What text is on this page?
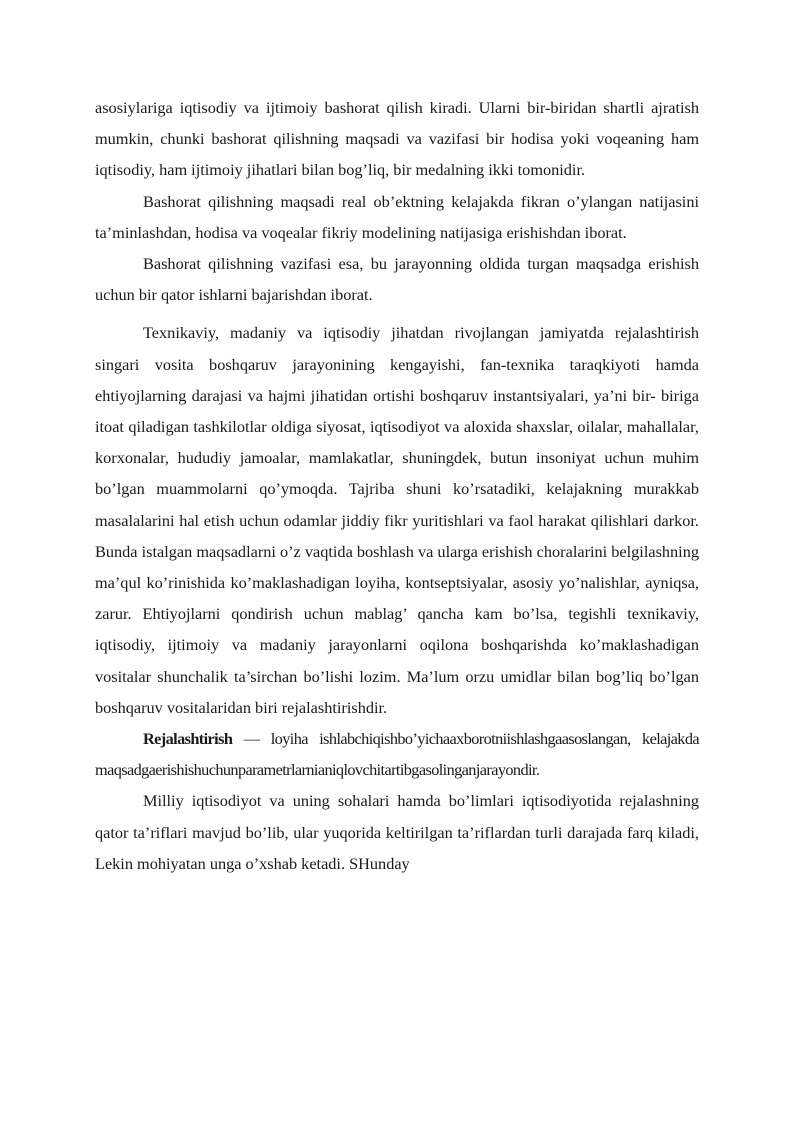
asosiylariga iqtisodiy va ijtimoiy bashorat qilish kiradi. Ularni bir-biridan shartli ajratish mumkin, chunki bashorat qilishning maqsadi va vazifasi bir hodisa yoki voqeaning ham iqtisodiy, ham ijtimoiy jihatlari bilan bog’liq, bir medalning ikki tomonidir.

Bashorat qilishning maqsadi real ob’ektning kelajakda fikran o’ylangan natijasini ta’minlashdan, hodisa va voqealar fikriy modelining natijasiga erishishdan iborat.

Bashorat qilishning vazifasi esa, bu jarayonning oldida turgan maqsadga erishish uchun bir qator ishlarni bajarishdan iborat.

Texnikaviy, madaniy va iqtisodiy jihatdan rivojlangan jamiyatda rejalashtirish singari vosita boshqaruv jarayonining kengayishi, fan-texnika taraqkiyoti hamda ehtiyojlarning darajasi va hajmi jihatidan ortishi boshqaruv instantsiyalari, ya’ni bir- biriga itoat qiladigan tashkilotlar oldiga siyosat, iqtisodiyot va aloxida shaxslar, oilalar, mahallalar, korxonalar, hududiy jamoalar, mamlakatlar, shuningdek, butun insoniyat uchun muhim bo’lgan muammolarni qo’ymoqda. Tajriba shuni ko’rsatadiki, kelajakning murakkab masalalarini hal etish uchun odamlar jiddiy fikr yuritishlari va faol harakat qilishlari darkor. Bunda istalgan maqsadlarni o’z vaqtida boshlash va ularga erishish choralarini belgilashning ma’qul ko’rinishida ko’maklashadigan loyiha, kontseptsiyalar, asosiy yo’nalishlar, ayniqsa, zarur. Ehtiyojlarni qondirish uchun mablag’ qancha kam bo’lsa, tegishli texnikaviy, iqtisodiy, ijtimoiy va madaniy jarayonlarni oqilona boshqarishda ko’maklashadigan vositalar shunchalik ta’sirchan bo’lishi lozim. Ma’lum orzu umidlar bilan bog’liq bo’lgan boshqaruv vositalaridan biri rejalashtirishdir.

Rejalashtirish — loyiha ishlabchiqishbo’yichaaxborotniishlashgaasoslangan, kelajakda maqsadgaerishishuchunparametrlarnianiqlovchitartibgasolinganjarayondir.

Milliy iqtisodiyot va uning sohalari hamda bo’limlari iqtisodiyotida rejalashning qator ta’riflari mavjud bo’lib, ular yuqorida keltirilgan ta’riflardan turli darajada farq kiladi, Lekin mohiyatan unga o’xshab ketadi. SHunday
